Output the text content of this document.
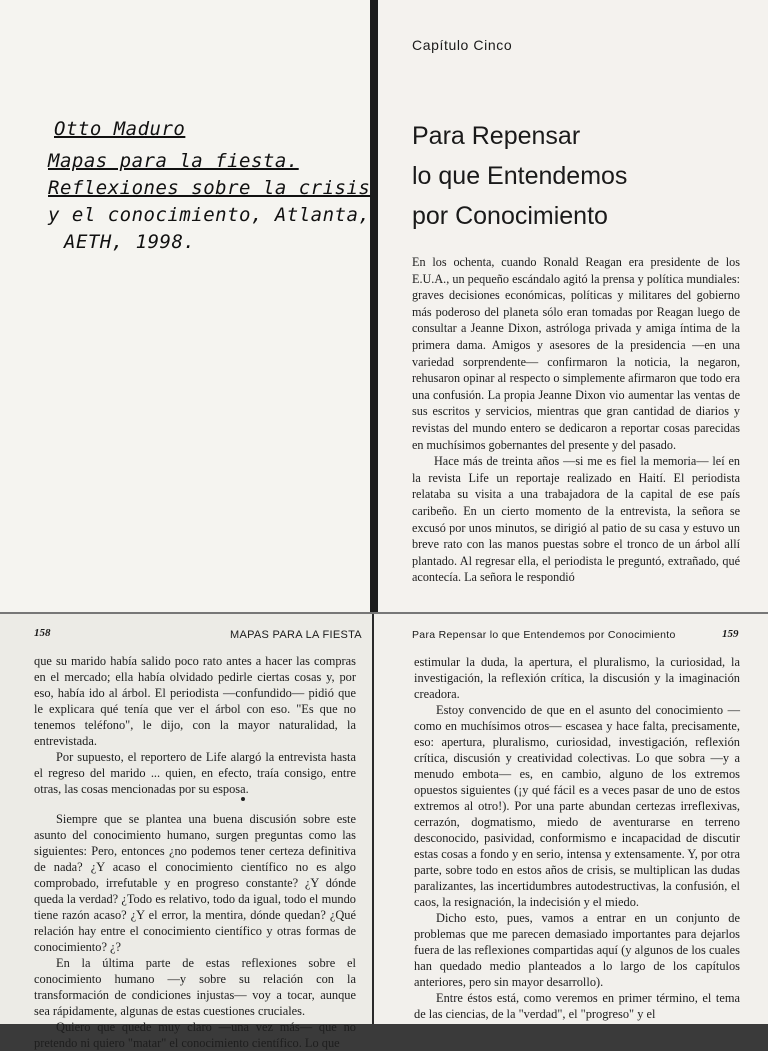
Otto Maduro
Mapas para la fiesta.
Reflexiones sobre la crisis
y el conocimiento, Atlanta,
AETH, 1998.
Capítulo Cinco
Para Repensar
lo que Entendemos
por Conocimiento

En los ochenta, cuando Ronald Reagan era presidente de los E.U.A., un pequeño escándalo agitó la prensa y política mundiales: graves decisiones económicas, políticas y militares del gobierno más poderoso del planeta sólo eran tomadas por Reagan luego de consultar a Jeanne Dixon, astróloga privada y amiga íntima de la primera dama. Amigos y asesores de la presidencia —en una variedad sorprendente— confirmaron la noticia, la negaron, rehusaron opinar al respecto o simplemente afirmaron que todo era una confusión. La propia Jeanne Dixon vio aumentar las ventas de sus escritos y servicios, mientras que gran cantidad de diarios y revistas del mundo entero se dedicaron a reportar cosas parecidas en muchísimos gobernantes del presente y del pasado.

Hace más de treinta años —si me es fiel la memoria— leí en la revista Life un reportaje realizado en Haití. El periodista relataba su visita a una trabajadora de la capital de ese país caribeño. En un cierto momento de la entrevista, la señora se excusó por unos minutos, se dirigió al patio de su casa y estuvo un breve rato con las manos puestas sobre el tronco de un árbol allí plantado. Al regresar ella, el periodista le preguntó, extrañado, qué acontecía. La señora le respondió

158	MAPAS PARA LA FIESTA

que su marido había salido poco rato antes a hacer las compras en el mercado; ella había olvidado pedirle ciertas cosas y, por eso, había ido al árbol. El periodista —confundido— pidió que le explicara qué tenía que ver el árbol con eso. "Es que no tenemos teléfono", le dijo, con la mayor naturalidad, la entrevistada.

Por supuesto, el reportero de Life alargó la entrevista hasta el regreso del marido ... quien, en efecto, traía consigo, entre otras, las cosas mencionadas por su esposa.

Siempre que se plantea una buena discusión sobre este asunto del conocimiento humano, surgen preguntas como las siguientes: Pero, entonces ¿no podemos tener certeza definitiva de nada? ¿Y acaso el conocimiento científico no es algo comprobado, irrefutable y en progreso constante? ¿Y dónde queda la verdad? ¿Todo es relativo, todo da igual, todo el mundo tiene razón acaso? ¿Y el error, la mentira, dónde quedan? ¿Qué relación hay entre el conocimiento científico y otras formas de conocimiento? ¿?

En la última parte de estas reflexiones sobre el conocimiento humano —y sobre su relación con la transformación de condiciones injustas— voy a tocar, aunque sea rápidamente, algunas de estas cuestiones cruciales.

Quiero que quede muy claro —una vez más— que no pretendo ni quiero "matar" el conocimiento científico. Lo que

Para Repensar lo que Entendemos por Conocimiento	159

estimular la duda, la apertura, el pluralismo, la curiosidad, la investigación, la reflexión crítica, la discusión y la imaginación creadora.

Estoy convencido de que en el asunto del conocimiento —como en muchísimos otros— escasea y hace falta, precisamente, eso: apertura, pluralismo, curiosidad, investigación, reflexión crítica, discusión y creatividad colectivas. Lo que sobra —y a menudo embota— es, en cambio, alguno de los extremos opuestos siguientes (¡y qué fácil es a veces pasar de uno de estos extremos al otro!). Por una parte abundan certezas irreflexivas, cerrazón, dogmatismo, miedo de aventurarse en terreno desconocido, pasividad, conformismo e incapacidad de discutir estas cosas a fondo y en serio, intensa y extensamente. Y, por otra parte, sobre todo en estos años de crisis, se multiplican las dudas paralizantes, las incertidumbres autodestructivas, la confusión, el caos, la resignación, la indecisión y el miedo.

Dicho esto, pues, vamos a entrar en un conjunto de problemas que me parecen demasiado importantes para dejarlos fuera de las reflexiones compartidas aquí (y algunos de los cuales han quedado medio planteados a lo largo de los capítulos anteriores, pero sin mayor desarrollo).

Entre éstos está, como veremos en primer término, el tema de las ciencias, de la "verdad", el "progreso" y el
